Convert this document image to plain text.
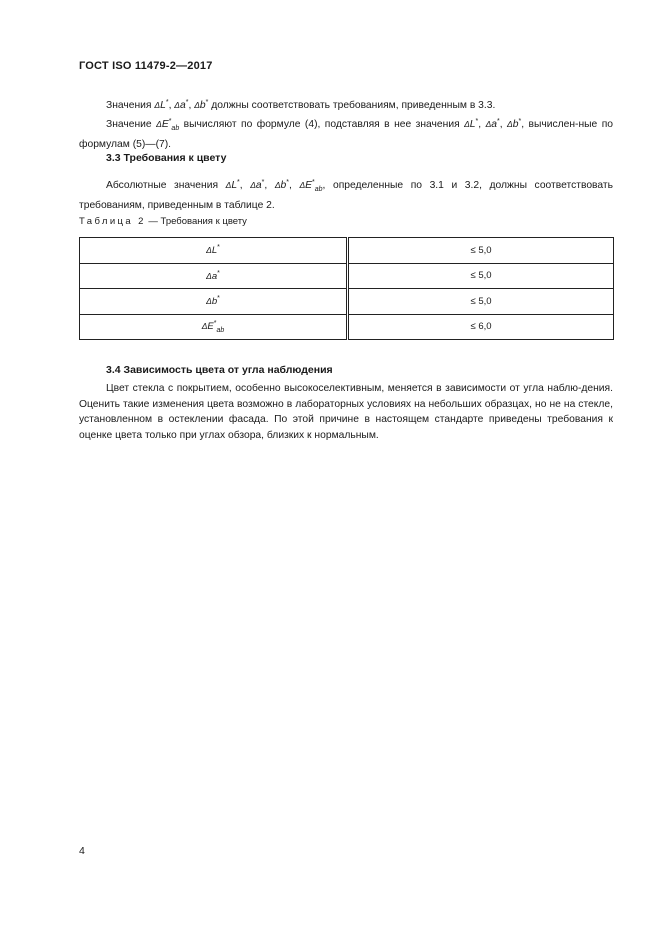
ГОСТ ISO 11479-2—2017
Значения ΔL*, Δa*, Δb* должны соответствовать требованиям, приведенным в 3.3.
Значение $\Delta E^*_{ab}$ вычисляют по формуле (4), подставляя в нее значения ΔL*, Δa*, Δb*, вычислен-ные по формулам (5)—(7).
3.3 Требования к цвету
Абсолютные значения ΔL*, Δa*, Δb*, $\Delta E^*_{ab}$, определенные по 3.1 и 3.2, должны соответствовать требованиям, приведенным в таблице 2.
Таблица 2 — Требования к цвету
ΔL*	≤ 5,0
Δa*	≤ 5,0
Δb*	≤ 5,0
$\Delta E^*_{ab}$	≤ 6,0
3.4 Зависимость цвета от угла наблюдения
Цвет стекла с покрытием, особенно высокоселективным, меняется в зависимости от угла наблю-дения. Оценить такие изменения цвета возможно в лабораторных условиях на небольших образцах, но не на стекле, установленном в остеклении фасада. По этой причине в настоящем стандарте приведены требования к оценке цвета только при углах обзора, близких к нормальным.
4
